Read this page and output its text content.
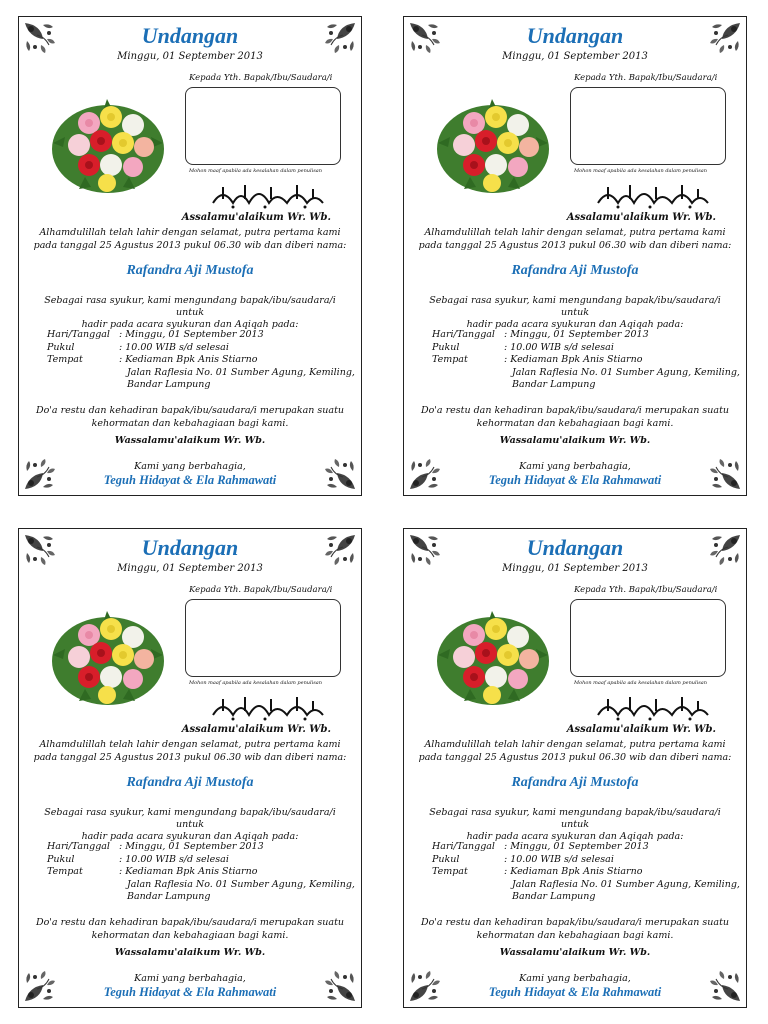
Undangan
Minggu, 01 September 2013
Kepada Yth. Bapak/Ibu/Saudara/i
Mohon maaf apabila ada kesalahan dalam penulisan
Assalamu'alaikum Wr. Wb.
Alhamdulillah telah lahir dengan selamat, putra pertama kami
pada tanggal 25 Agustus 2013 pukul 06.30 wib dan diberi nama:
Rafandra Aji Mustofa
Sebagai rasa syukur, kami mengundang bapak/ibu/saudara/i untuk
hadir pada acara syukuran dan Aqiqah pada:
Hari/Tanggal : Minggu, 01 September 2013
Pukul	: 10.00 WIB s/d selesai
Tempat	: Kediaman Bpk Anis Stiarno
Jalan Raflesia No. 01 Sumber Agung, Kemiling,
Bandar Lampung
Do'a restu dan kehadiran bapak/ibu/saudara/i merupakan suatu
kehormatan dan kebahagiaan bagi kami.
Wassalamu'alaikum Wr. Wb.
Kami yang berbahagia,
Teguh Hidayat & Ela Rahmawati
Undangan
Minggu, 01 September 2013
Kepada Yth. Bapak/Ibu/Saudara/i
Mohon maaf apabila ada kesalahan dalam penulisan
Assalamu'alaikum Wr. Wb.
Alhamdulillah telah lahir dengan selamat, putra pertama kami
pada tanggal 25 Agustus 2013 pukul 06.30 wib dan diberi nama:
Rafandra Aji Mustofa
Sebagai rasa syukur, kami mengundang bapak/ibu/saudara/i untuk
hadir pada acara syukuran dan Aqiqah pada:
Hari/Tanggal : Minggu, 01 September 2013
Pukul	: 10.00 WIB s/d selesai
Tempat	: Kediaman Bpk Anis Stiarno
Jalan Raflesia No. 01 Sumber Agung, Kemiling,
Bandar Lampung
Do'a restu dan kehadiran bapak/ibu/saudara/i merupakan suatu
kehormatan dan kebahagiaan bagi kami.
Wassalamu'alaikum Wr. Wb.
Kami yang berbahagia,
Teguh Hidayat & Ela Rahmawati
Undangan
Minggu, 01 September 2013
Kepada Yth. Bapak/Ibu/Saudara/i
Mohon maaf apabila ada kesalahan dalam penulisan
Assalamu'alaikum Wr. Wb.
Alhamdulillah telah lahir dengan selamat, putra pertama kami
pada tanggal 25 Agustus 2013 pukul 06.30 wib dan diberi nama:
Rafandra Aji Mustofa
Sebagai rasa syukur, kami mengundang bapak/ibu/saudara/i untuk
hadir pada acara syukuran dan Aqiqah pada:
Hari/Tanggal : Minggu, 01 September 2013
Pukul	: 10.00 WIB s/d selesai
Tempat	: Kediaman Bpk Anis Stiarno
Jalan Raflesia No. 01 Sumber Agung, Kemiling,
Bandar Lampung
Do'a restu dan kehadiran bapak/ibu/saudara/i merupakan suatu
kehormatan dan kebahagiaan bagi kami.
Wassalamu'alaikum Wr. Wb.
Kami yang berbahagia,
Teguh Hidayat & Ela Rahmawati
Undangan
Minggu, 01 September 2013
Kepada Yth. Bapak/Ibu/Saudara/i
Mohon maaf apabila ada kesalahan dalam penulisan
Assalamu'alaikum Wr. Wb.
Alhamdulillah telah lahir dengan selamat, putra pertama kami
pada tanggal 25 Agustus 2013 pukul 06.30 wib dan diberi nama:
Rafandra Aji Mustofa
Sebagai rasa syukur, kami mengundang bapak/ibu/saudara/i untuk
hadir pada acara syukuran dan Aqiqah pada:
Hari/Tanggal : Minggu, 01 September 2013
Pukul	: 10.00 WIB s/d selesai
Tempat	: Kediaman Bpk Anis Stiarno
Jalan Raflesia No. 01 Sumber Agung, Kemiling,
Bandar Lampung
Do'a restu dan kehadiran bapak/ibu/saudara/i merupakan suatu
kehormatan dan kebahagiaan bagi kami.
Wassalamu'alaikum Wr. Wb.
Kami yang berbahagia,
Teguh Hidayat & Ela Rahmawati
